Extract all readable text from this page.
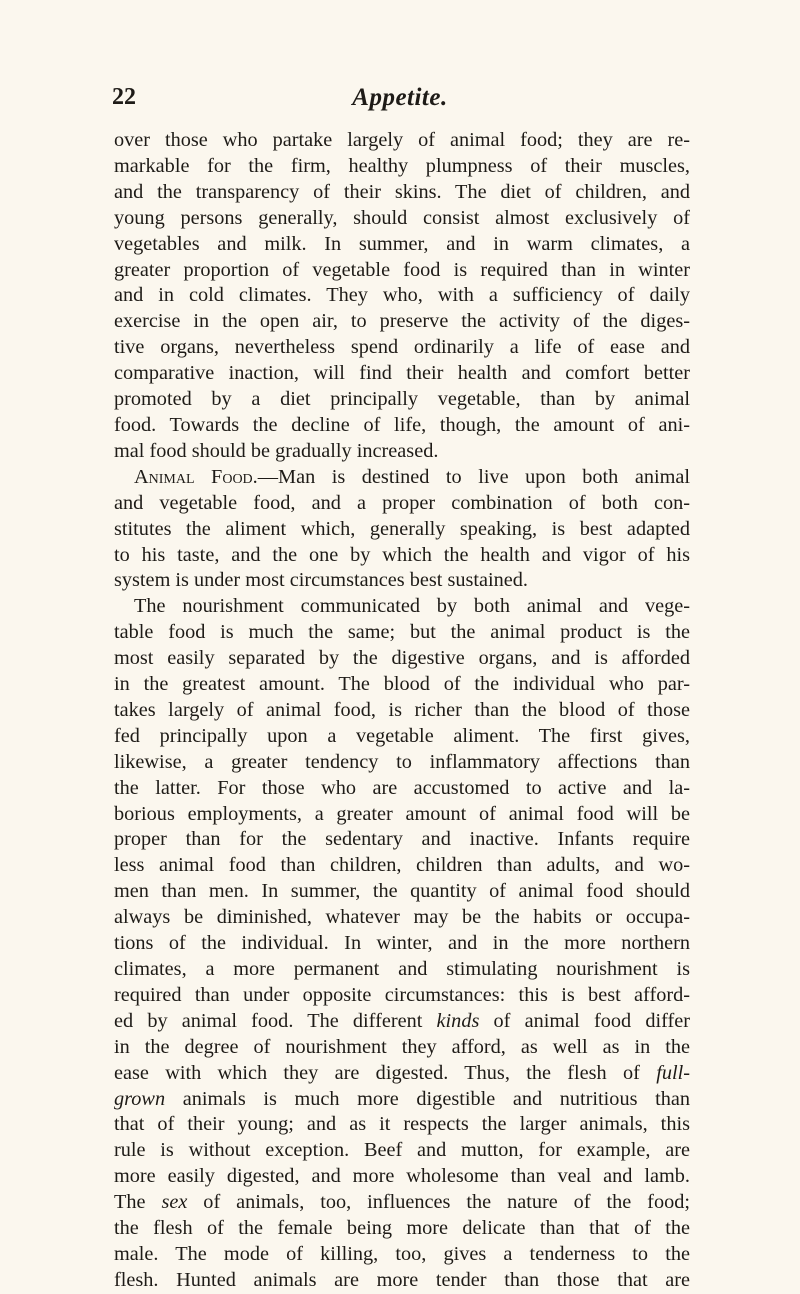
22	Appetite.
over those who partake largely of animal food; they are re-
markable for the firm, healthy plumpness of their muscles,
and the transparency of their skins. The diet of children, and
young persons generally, should consist almost exclusively of
vegetables and milk. In summer, and in warm climates, a
greater proportion of vegetable food is required than in winter
and in cold climates. They who, with a sufficiency of daily
exercise in the open air, to preserve the activity of the diges-
tive organs, nevertheless spend ordinarily a life of ease and
comparative inaction, will find their health and comfort better
promoted by a diet principally vegetable, than by animal
food. Towards the decline of life, though, the amount of ani-
mal food should be gradually increased.
Animal Food.—Man is destined to live upon both animal
and vegetable food, and a proper combination of both con-
stitutes the aliment which, generally speaking, is best adapted
to his taste, and the one by which the health and vigor of his
system is under most circumstances best sustained.
The nourishment communicated by both animal and vege-
table food is much the same; but the animal product is the
most easily separated by the digestive organs, and is afforded
in the greatest amount. The blood of the individual who par-
takes largely of animal food, is richer than the blood of those
fed principally upon a vegetable aliment. The first gives,
likewise, a greater tendency to inflammatory affections than
the latter. For those who are accustomed to active and la-
borious employments, a greater amount of animal food will be
proper than for the sedentary and inactive. Infants require
less animal food than children, children than adults, and wo-
men than men. In summer, the quantity of animal food should
always be diminished, whatever may be the habits or occupa-
tions of the individual. In winter, and in the more northern
climates, a more permanent and stimulating nourishment is
required than under opposite circumstances: this is best afford-
ed by animal food. The different kinds of animal food differ
in the degree of nourishment they afford, as well as in the
ease with which they are digested. Thus, the flesh of full-
grown animals is much more digestible and nutritious than
that of their young; and as it respects the larger animals, this
rule is without exception. Beef and mutton, for example, are
more easily digested, and more wholesome than veal and lamb.
The sex of animals, too, influences the nature of the food;
the flesh of the female being more delicate than that of the
male. The mode of killing, too, gives a tenderness to the
flesh. Hunted animals are more tender than those that are
